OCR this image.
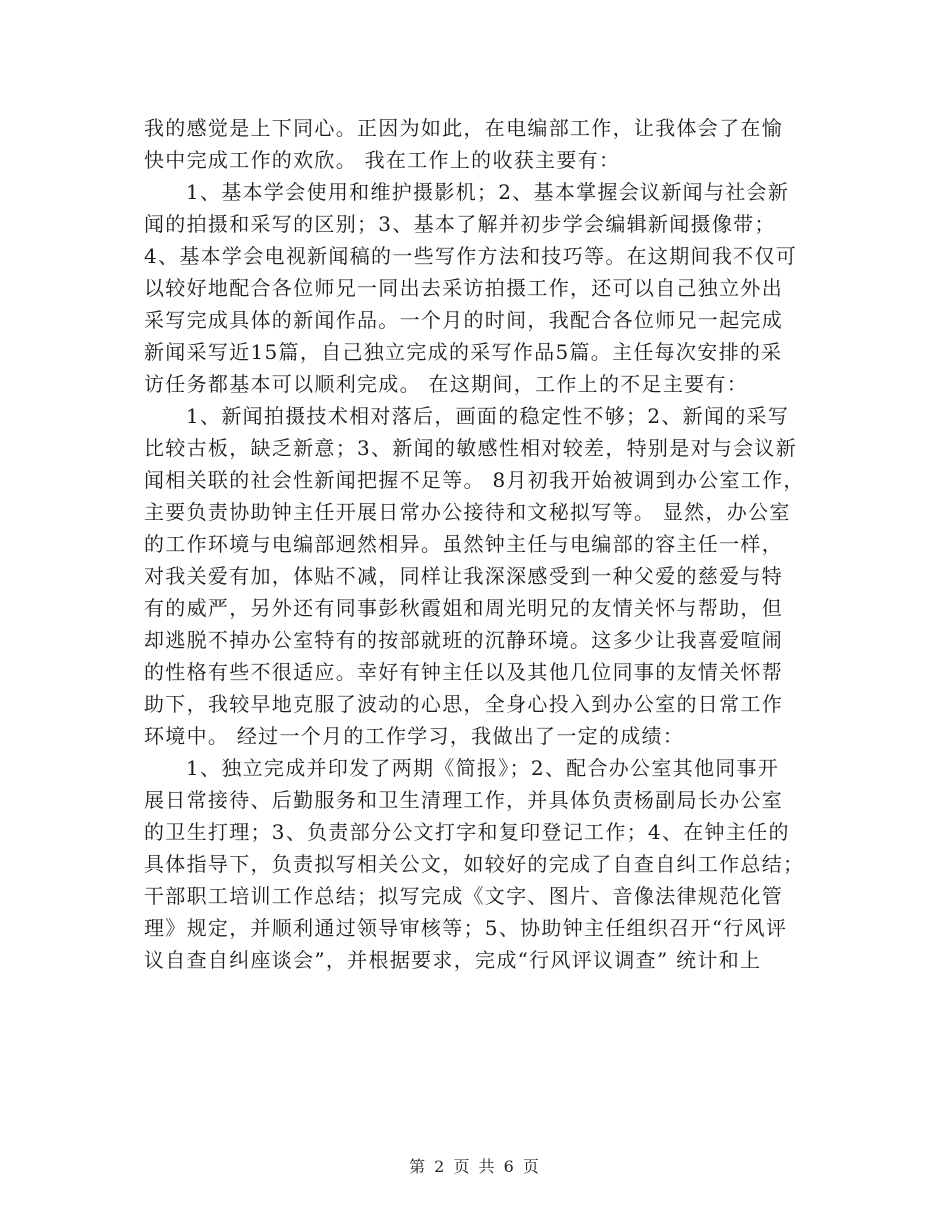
我的感觉是上下同心。正因为如此，在电编部工作，让我体会了在愉

快中完成工作的欢欣。 我在工作上的收获主要有：

1、基本学会使用和维护摄影机；2、基本掌握会议新闻与社会新

闻的拍摄和采写的区别；3、基本了解并初步学会编辑新闻摄像带；

4、基本学会电视新闻稿的一些写作方法和技巧等。在这期间我不仅可

以较好地配合各位师兄一同出去采访拍摄工作，还可以自己独立外出

采写完成具体的新闻作品。一个月的时间，我配合各位师兄一起完成

新闻采写近15篇，自己独立完成的采写作品5篇。主任每次安排的采

访任务都基本可以顺利完成。 在这期间，工作上的不足主要有：

1、新闻拍摄技术相对落后，画面的稳定性不够；2、新闻的采写

比较古板，缺乏新意；3、新闻的敏感性相对较差，特别是对与会议新

闻相关联的社会性新闻把握不足等。 8月初我开始被调到办公室工作，

主要负责协助钟主任开展日常办公接待和文秘拟写等。 显然，办公室

的工作环境与电编部迥然相异。虽然钟主任与电编部的容主任一样，

对我关爱有加，体贴不减，同样让我深深感受到一种父爱的慈爱与特

有的威严，另外还有同事彭秋霞姐和周光明兄的友情关怀与帮助，但

却逃脱不掉办公室特有的按部就班的沉静环境。这多少让我喜爱喧闹

的性格有些不很适应。幸好有钟主任以及其他几位同事的友情关怀帮

助下，我较早地克服了波动的心思，全身心投入到办公室的日常工作

环境中。 经过一个月的工作学习，我做出了一定的成绩：

1、独立完成并印发了两期《简报》；2、配合办公室其他同事开

展日常接待、后勤服务和卫生清理工作，并具体负责杨副局长办公室

的卫生打理；3、负责部分公文打字和复印登记工作；4、在钟主任的

具体指导下，负责拟写相关公文，如较好的完成了自查自纠工作总结；

干部职工培训工作总结；拟写完成《文字、图片、音像法律规范化管

理》规定，并顺利通过领导审核等；5、协助钟主任组织召开“行风评

议自查自纠座谈会”，并根据要求，完成“行风评议调查” 统计和上

第 2 页 共 6 页
